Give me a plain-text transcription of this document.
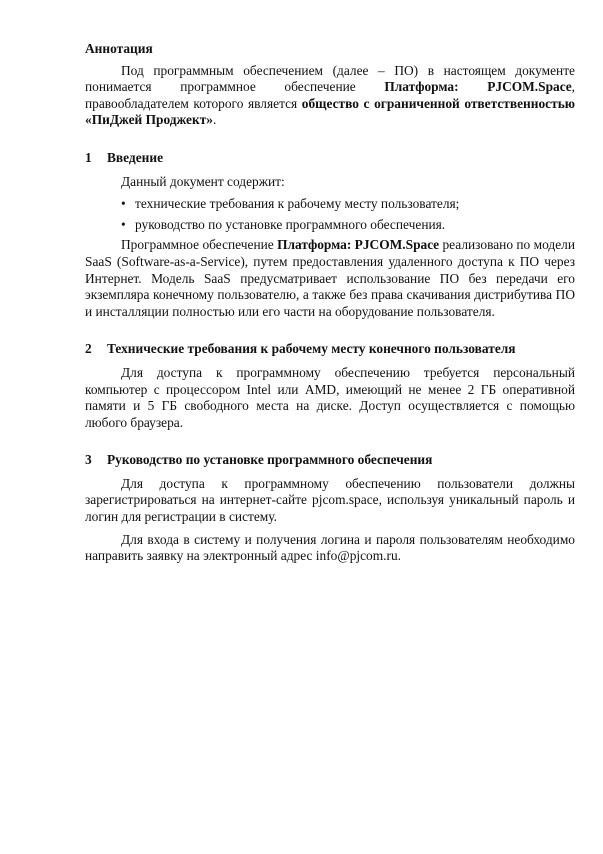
Аннотация

Под программным обеспечением (далее – ПО) в настоящем документе понимается программное обеспечение Платформа: PJCOM.Space, правообладателем которого является общество с ограниченной ответственностью «ПиДжей Проджект».

1 Введение

Данный документ содержит:

• технические требования к рабочему месту пользователя;

• руководство по установке программного обеспечения.

Программное обеспечение Платформа: PJCOM.Space реализовано по модели SaaS (Software-as-a-Service), путем предоставления удаленного доступа к ПО через Интернет. Модель SaaS предусматривает использование ПО без передачи его экземпляра конечному пользователю, а также без права скачивания дистрибутива ПО и инсталляции полностью или его части на оборудование пользователя.

2 Технические требования к рабочему месту конечного пользователя

Для доступа к программному обеспечению требуется персональный компьютер с процессором Intel или AMD, имеющий не менее 2 ГБ оперативной памяти и 5 ГБ свободного места на диске. Доступ осуществляется с помощью любого браузера.

3 Руководство по установке программного обеспечения

Для доступа к программному обеспечению пользователи должны зарегистрироваться на интернет-сайте pjcom.space, используя уникальный пароль и логин для регистрации в систему.

Для входа в систему и получения логина и пароля пользователям необходимо направить заявку на электронный адрес info@pjcom.ru.
